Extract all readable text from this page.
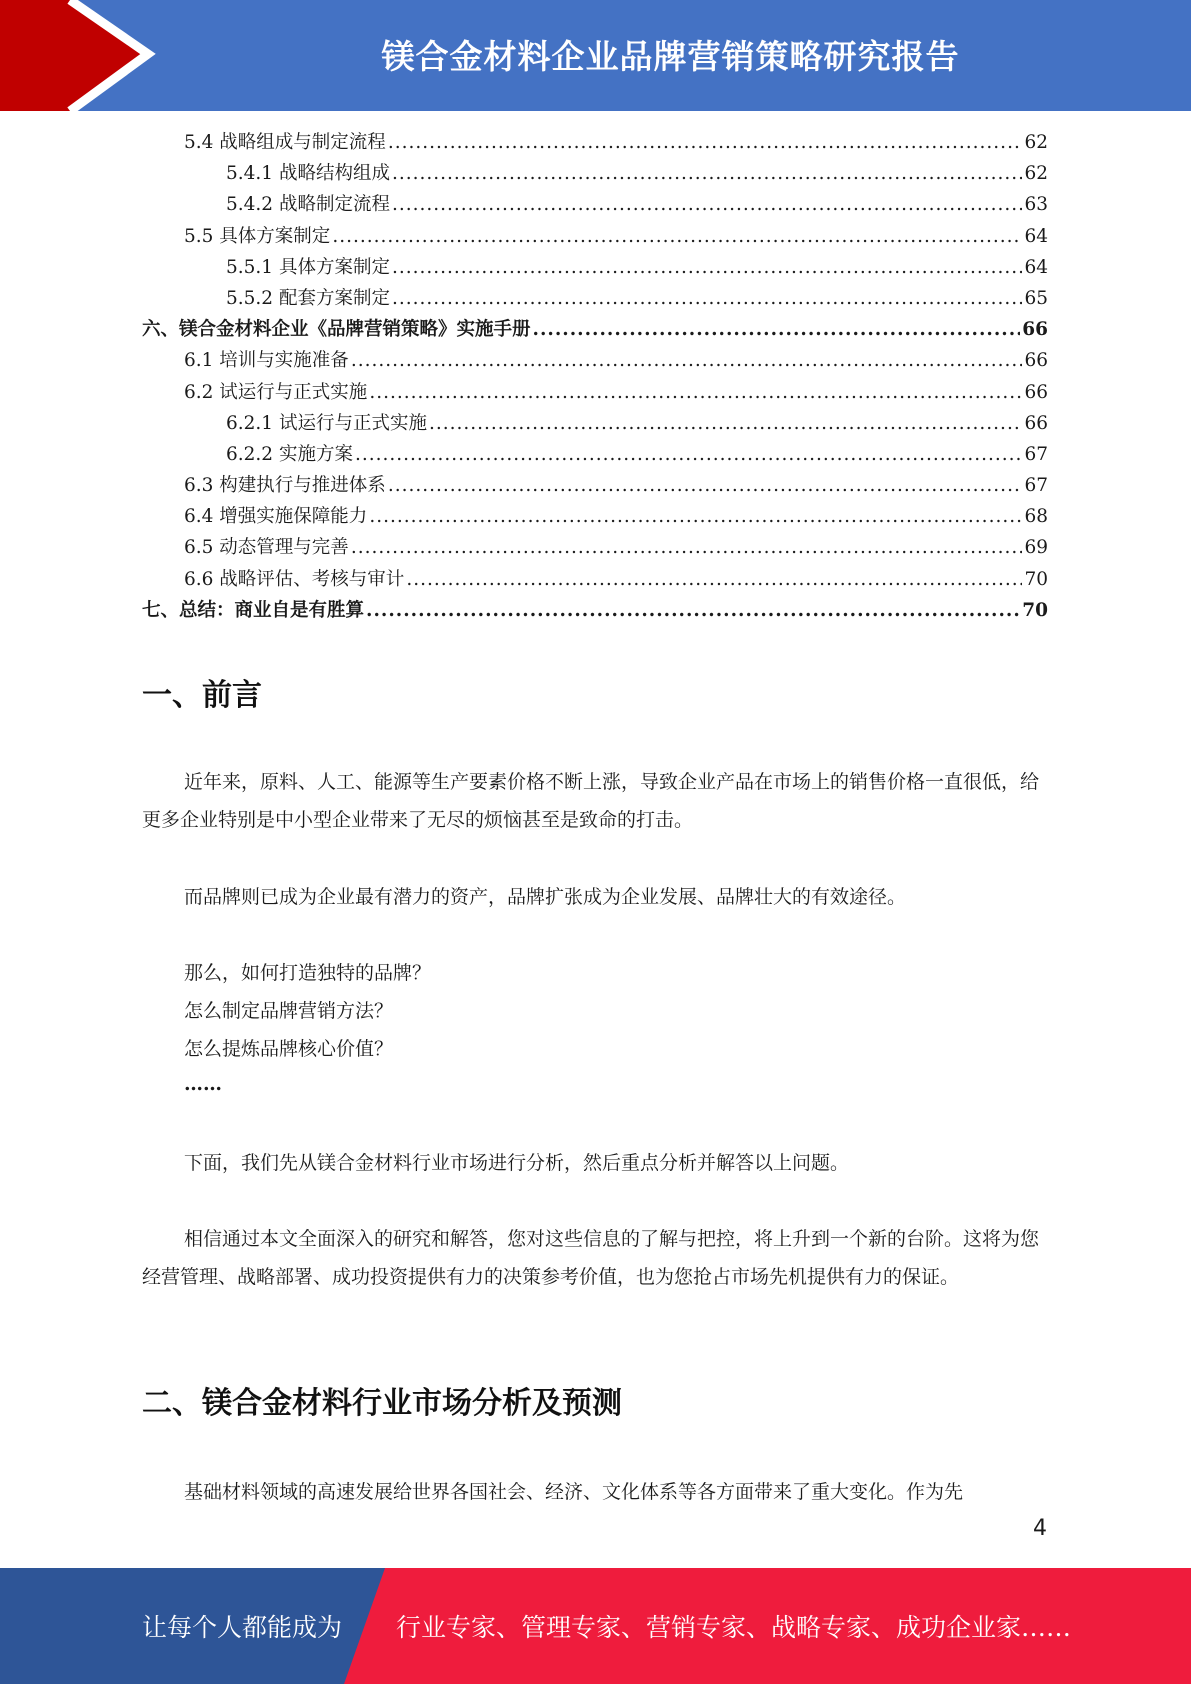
镁合金材料企业品牌营销策略研究报告
5.4 战略组成与制定流程 .....	62
5.4.1 战略结构组成 .....	62
5.4.2 战略制定流程 .....	63
5.5 具体方案制定 .....	64
5.5.1 具体方案制定 .....	64
5.5.2 配套方案制定 .....	65
六、镁合金材料企业《品牌营销策略》实施手册 .....	66
6.1 培训与实施准备 .....	66
6.2 试运行与正式实施 .....	66
6.2.1 试运行与正式实施 .....	66
6.2.2 实施方案 .....	67
6.3 构建执行与推进体系 .....	67
6.4 增强实施保障能力 .....	68
6.5 动态管理与完善 .....	69
6.6 战略评估、考核与审计 .....	70
七、总结：商业自是有胜算 .....	70
一、前言

近年来，原料、人工、能源等生产要素价格不断上涨，导致企业产品在市场上的销售价格一直很低，给更多企业特别是中小型企业带来了无尽的烦恼甚至是致命的打击。

而品牌则已成为企业最有潜力的资产，品牌扩张成为企业发展、品牌壮大的有效途径。

那么，如何打造独特的品牌？

怎么制定品牌营销方法？

怎么提炼品牌核心价值？

……

下面，我们先从镁合金材料行业市场进行分析，然后重点分析并解答以上问题。

相信通过本文全面深入的研究和解答，您对这些信息的了解与把控，将上升到一个新的台阶。这将为您经营管理、战略部署、成功投资提供有力的决策参考价值，也为您抢占市场先机提供有力的保证。

二、镁合金材料行业市场分析及预测

基础材料领域的高速发展给世界各国社会、经济、文化体系等各方面带来了重大变化。作为先

4
让每个人都能成为 行业专家、管理专家、营销专家、战略专家、成功企业家……
